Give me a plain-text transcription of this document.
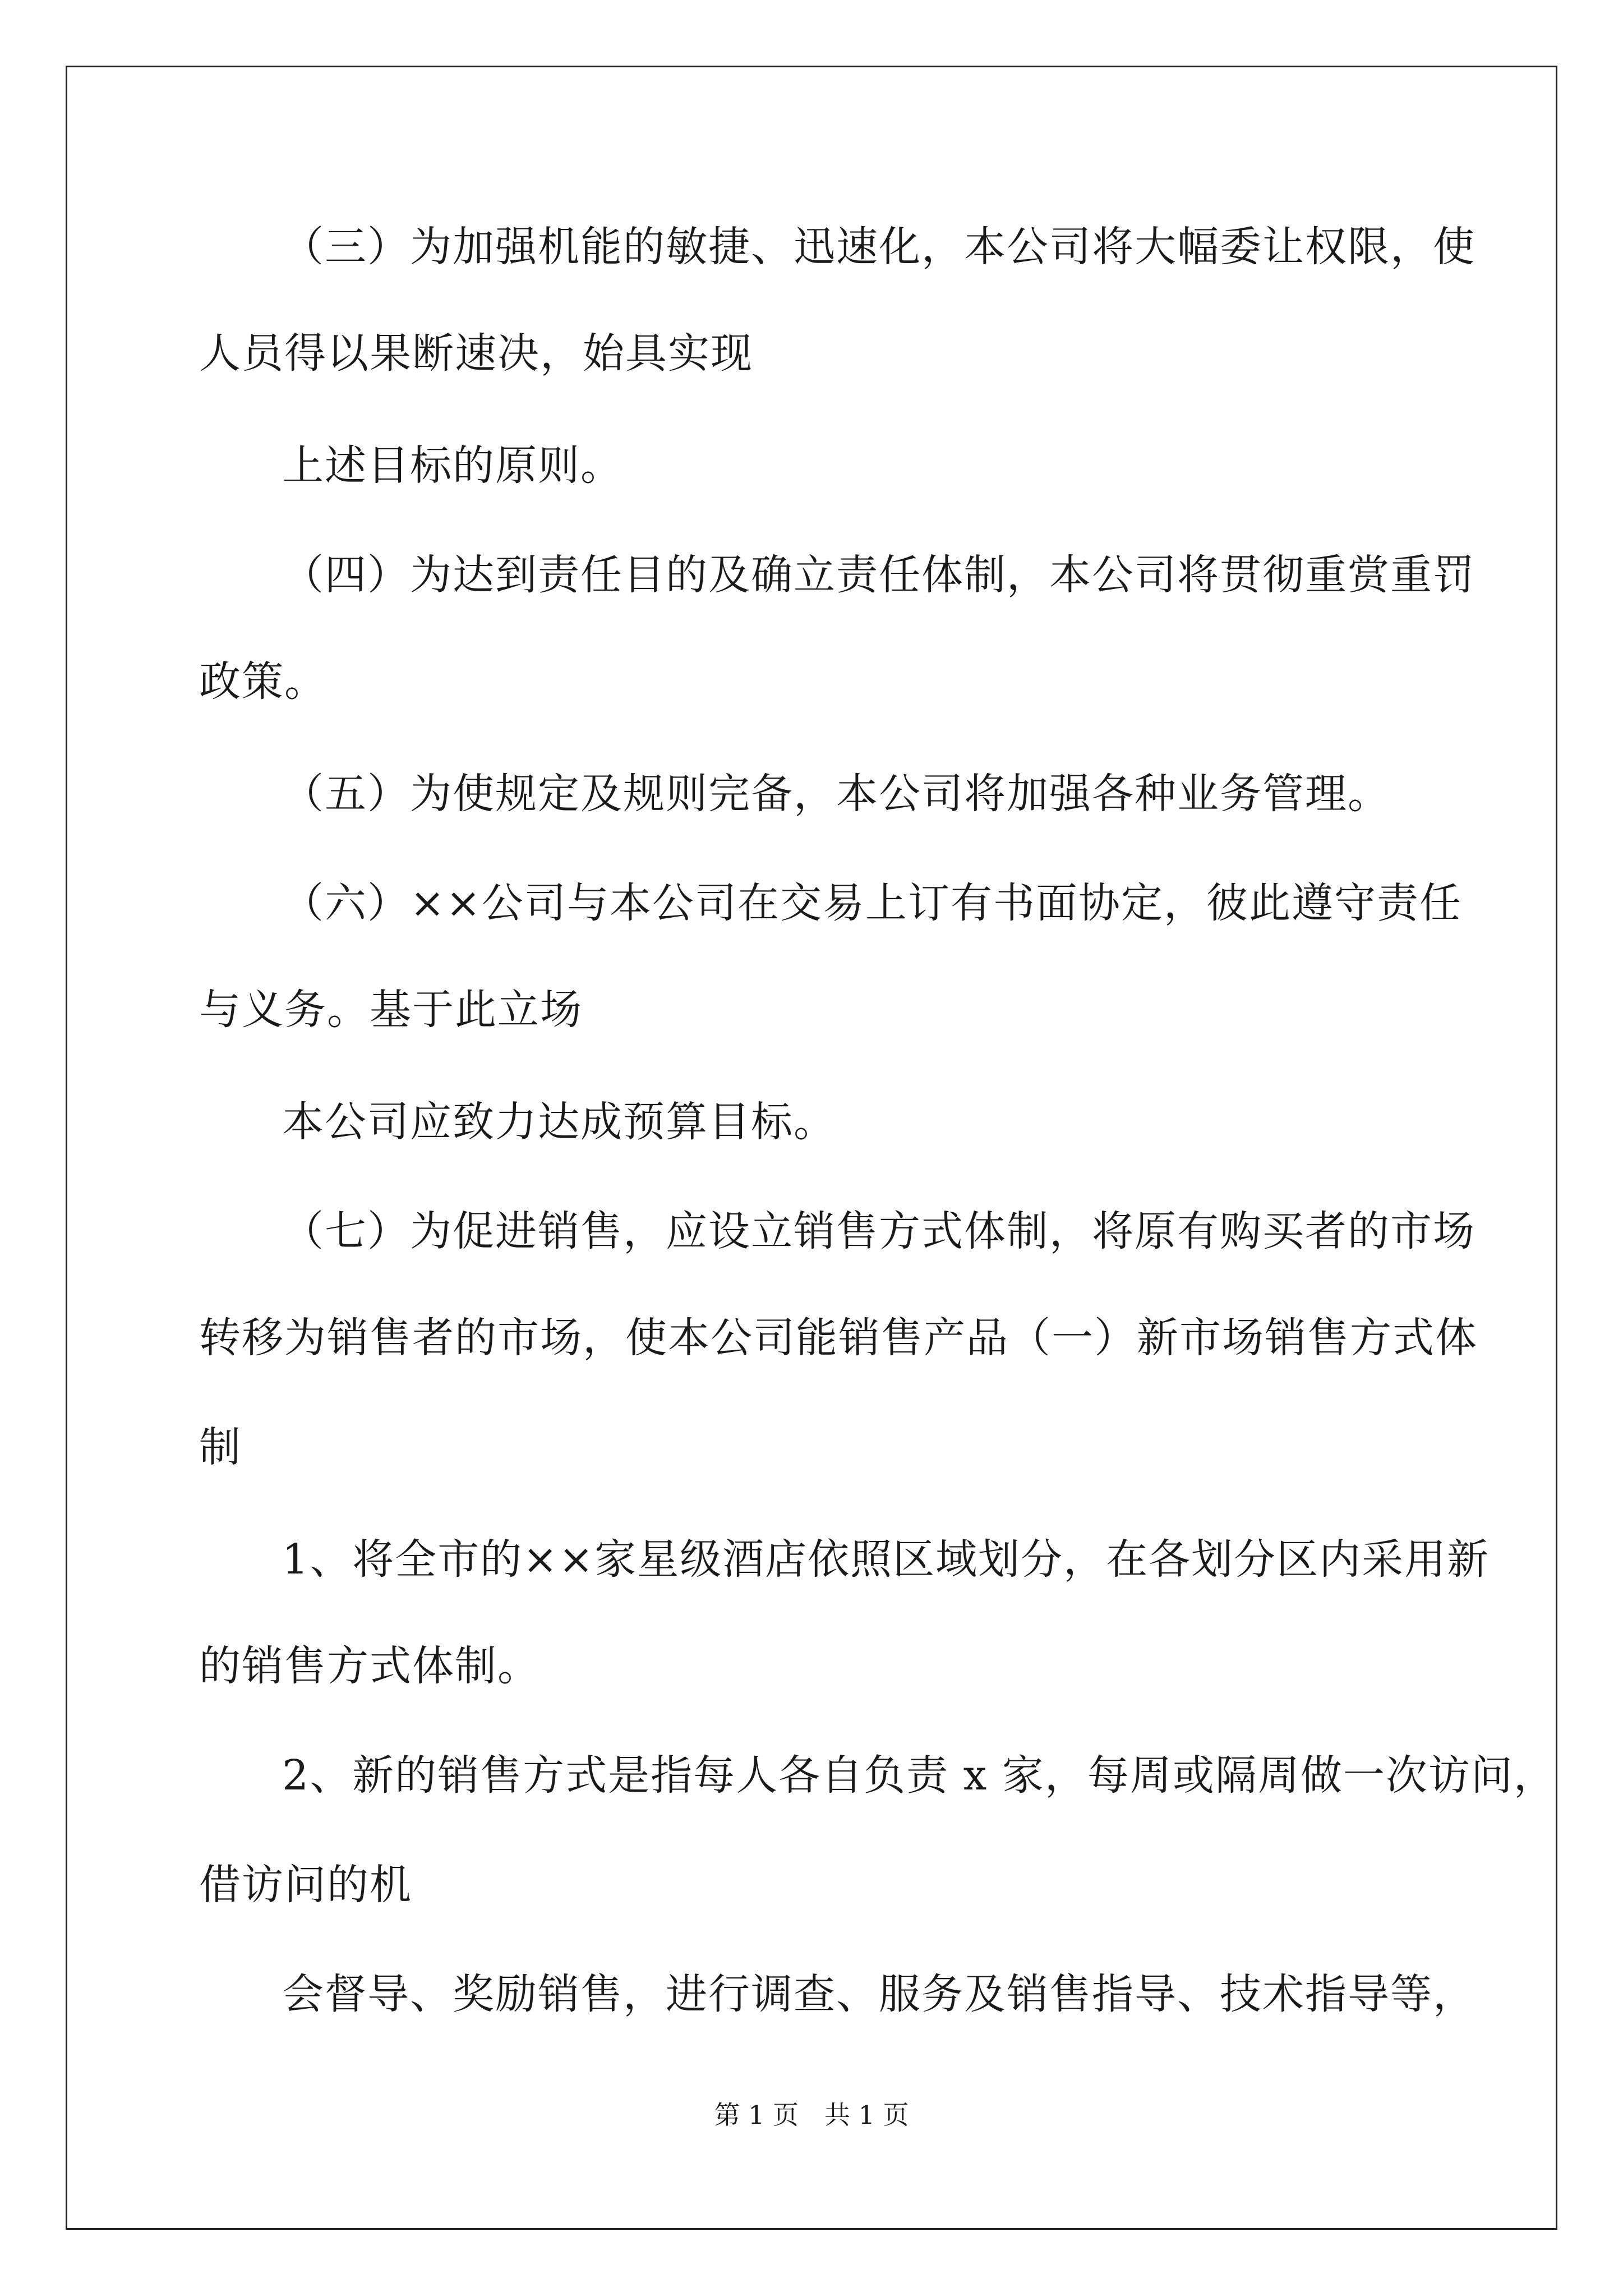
（三）为加强机能的敏捷、迅速化，本公司将大幅委让权限，使
人员得以果断速决，始具实现
上述目标的原则。
（四）为达到责任目的及确立责任体制，本公司将贯彻重赏重罚
政策。
（五）为使规定及规则完备，本公司将加强各种业务管理。
（六）××公司与本公司在交易上订有书面协定，彼此遵守责任
与义务。基于此立场
本公司应致力达成预算目标。
（七）为促进销售，应设立销售方式体制，将原有购买者的市场
转移为销售者的市场，使本公司能销售产品（一）新市场销售方式体
制
1、将全市的××家星级酒店依照区域划分，在各划分区内采用新
的销售方式体制。
2、新的销售方式是指每人各自负责 x 家，每周或隔周做一次访问，
借访问的机
会督导、奖励销售，进行调查、服务及销售指导、技术指导等，
第 1 页　共 1 页
